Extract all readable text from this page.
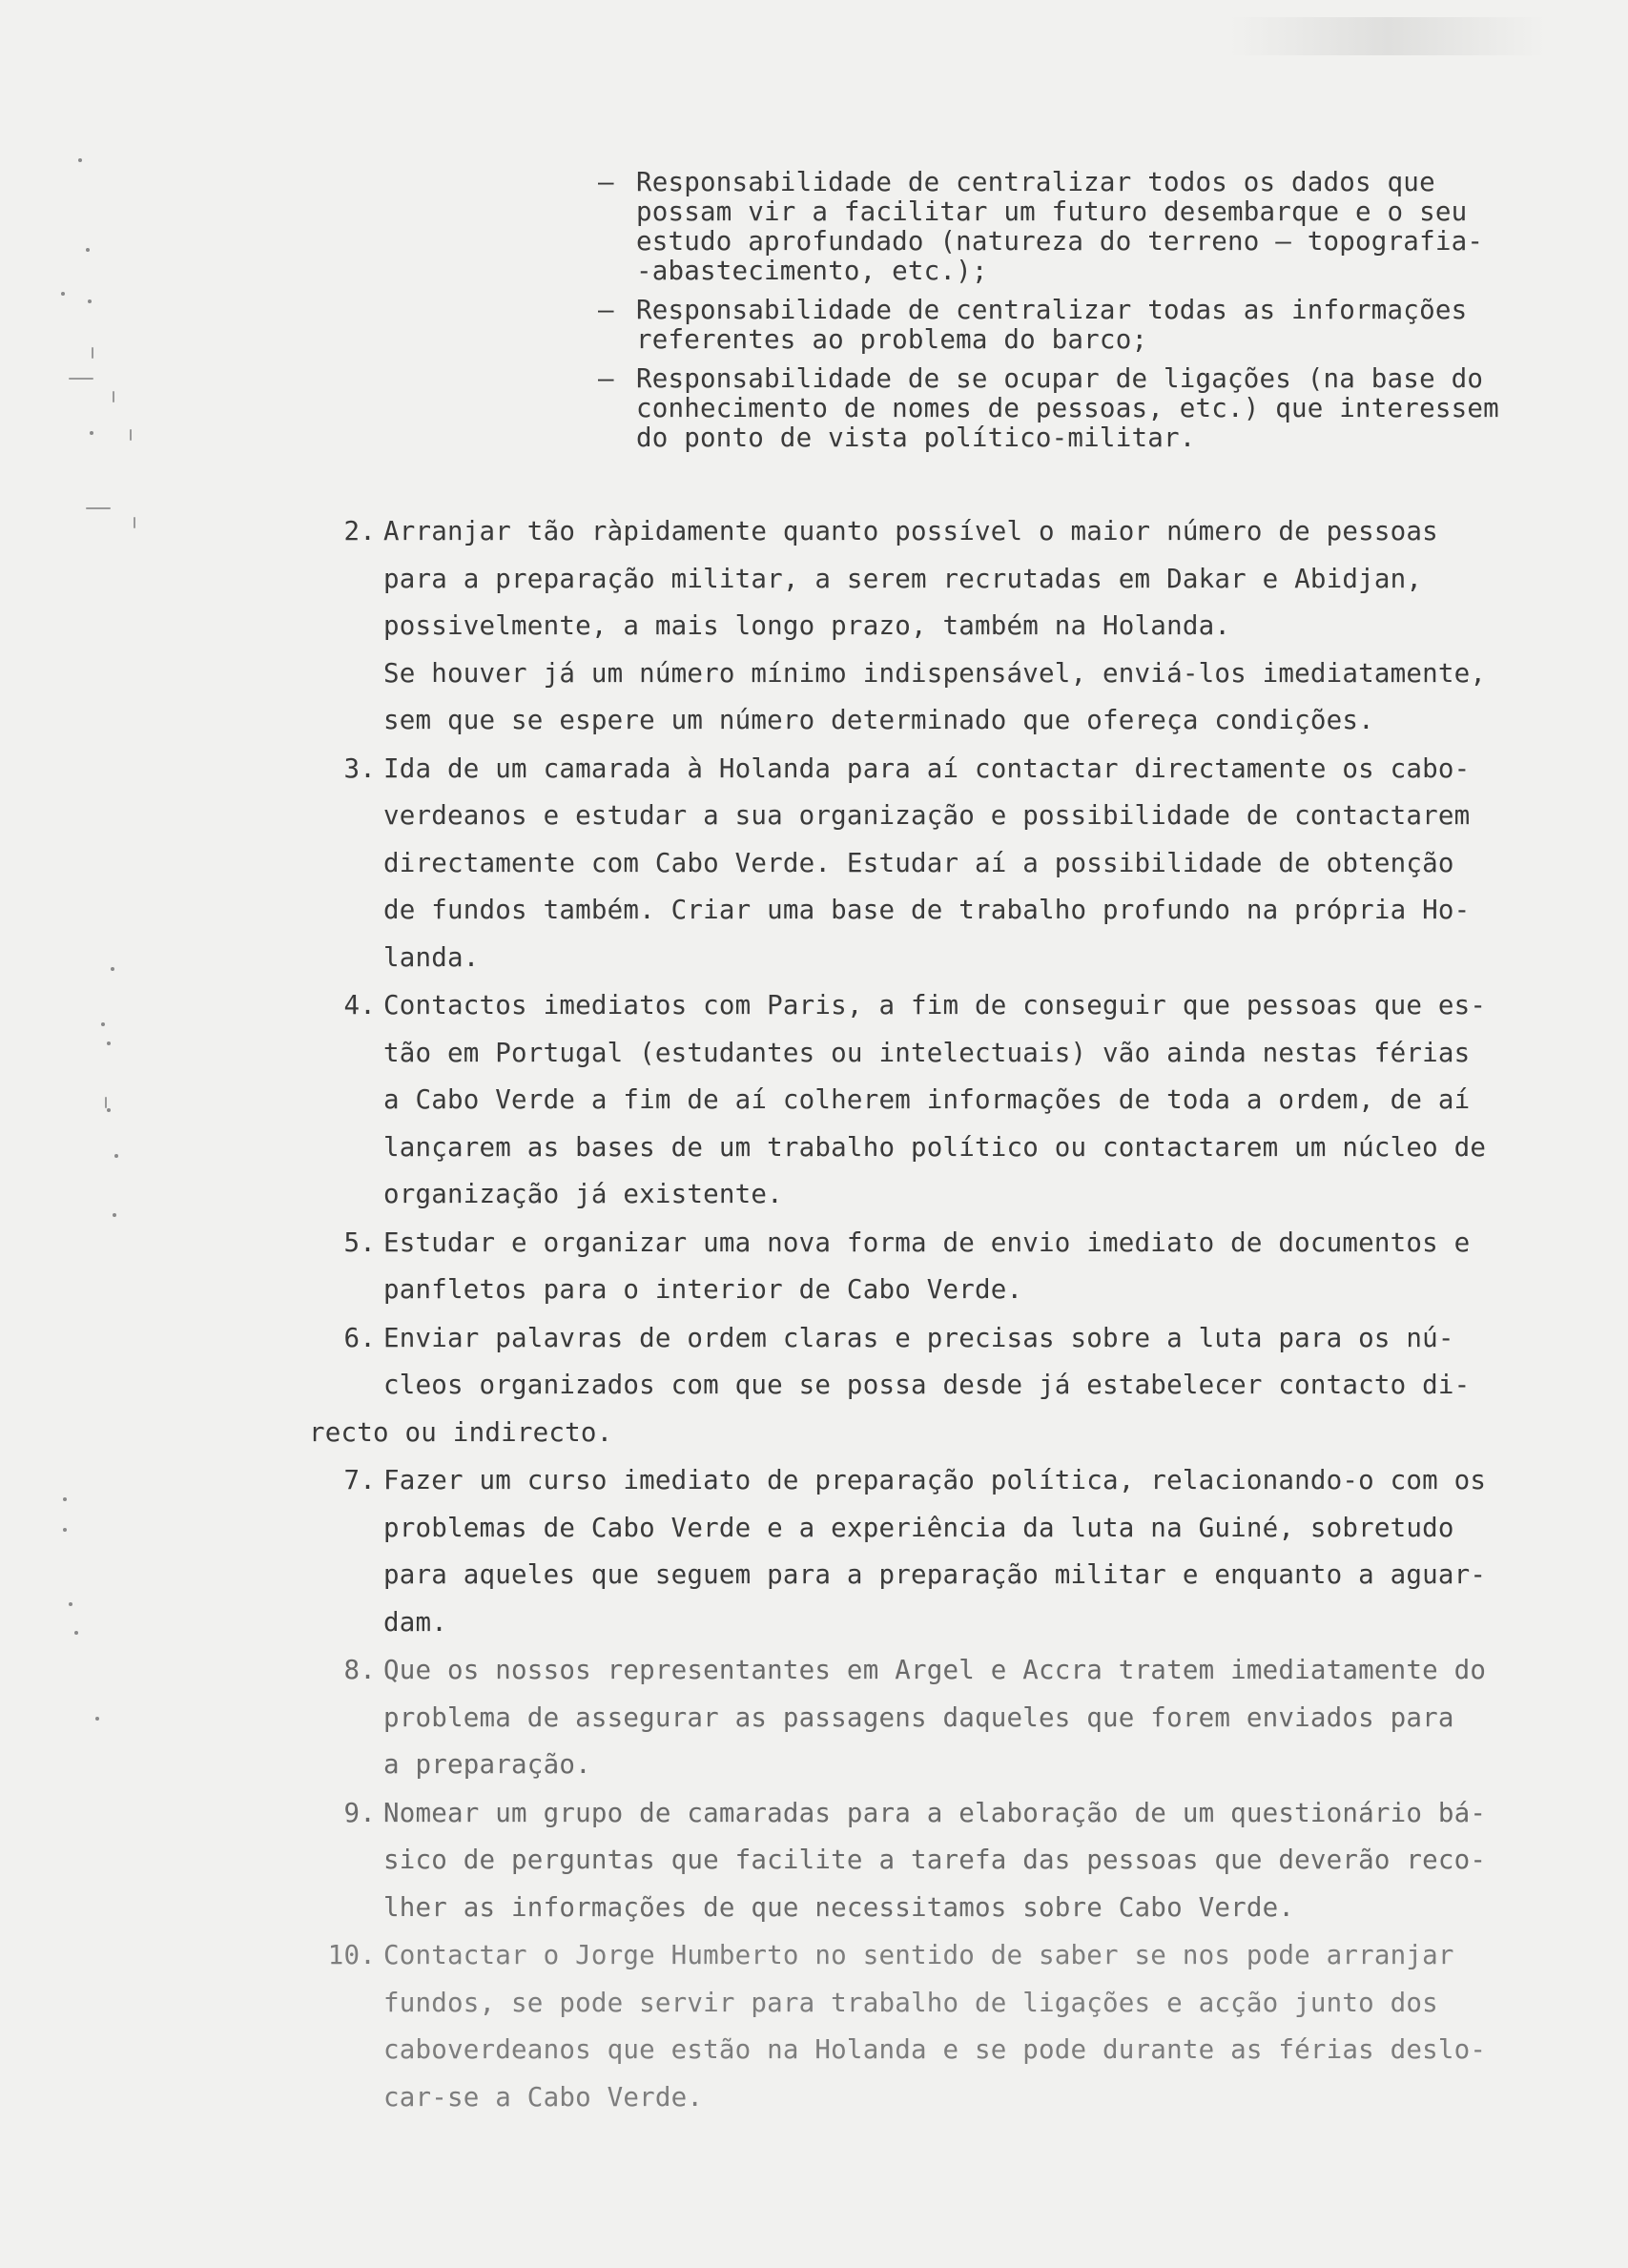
– Responsabilidade de centralizar todos os dados que
possam vir a facilitar um futuro desembarque e o seu
estudo aprofundado (natureza do terreno – topografia-
-abastecimento, etc.);
– Responsabilidade de centralizar todas as informações
referentes ao problema do barco;
– Responsabilidade de se ocupar de ligações (na base do
conhecimento de nomes de pessoas, etc.) que interessem
do ponto de vista político-militar.
2. Arranjar tão ràpidamente quanto possível o maior número de pessoas
para a preparação militar, a serem recrutadas em Dakar e Abidjan,
possivelmente, a mais longo prazo, também na Holanda.
Se houver já um número mínimo indispensável, enviá-los imediatamente,
sem que se espere um número determinado que ofereça condições.
3. Ida de um camarada à Holanda para aí contactar directamente os cabo-
verdeanos e estudar a sua organização e possibilidade de contactarem
directamente com Cabo Verde. Estudar aí a possibilidade de obtenção
de fundos também. Criar uma base de trabalho profundo na própria Ho-
landa.
4. Contactos imediatos com Paris, a fim de conseguir que pessoas que es-
tão em Portugal (estudantes ou intelectuais) vão ainda nestas férias
a Cabo Verde a fim de aí colherem informações de toda a ordem, de aí
lançarem as bases de um trabalho político ou contactarem um núcleo de
organização já existente.
5. Estudar e organizar uma nova forma de envio imediato de documentos e
panfletos para o interior de Cabo Verde.
6. Enviar palavras de ordem claras e precisas sobre a luta para os nú-
cleos organizados com que se possa desde já estabelecer contacto di-
recto ou indirecto.
7. Fazer um curso imediato de preparação política, relacionando-o com os
problemas de Cabo Verde e a experiência da luta na Guiné, sobretudo
para aqueles que seguem para a preparação militar e enquanto a aguar-
dam.
8. Que os nossos representantes em Argel e Accra tratem imediatamente do
problema de assegurar as passagens daqueles que forem enviados para
a preparação.
9. Nomear um grupo de camaradas para a elaboração de um questionário bá-
sico de perguntas que facilite a tarefa das pessoas que deverão reco-
lher as informações de que necessitamos sobre Cabo Verde.
10. Contactar o Jorge Humberto no sentido de saber se nos pode arranjar
fundos, se pode servir para trabalho de ligações e acção junto dos
caboverdeanos que estão na Holanda e se pode durante as férias deslo-
car-se a Cabo Verde.
